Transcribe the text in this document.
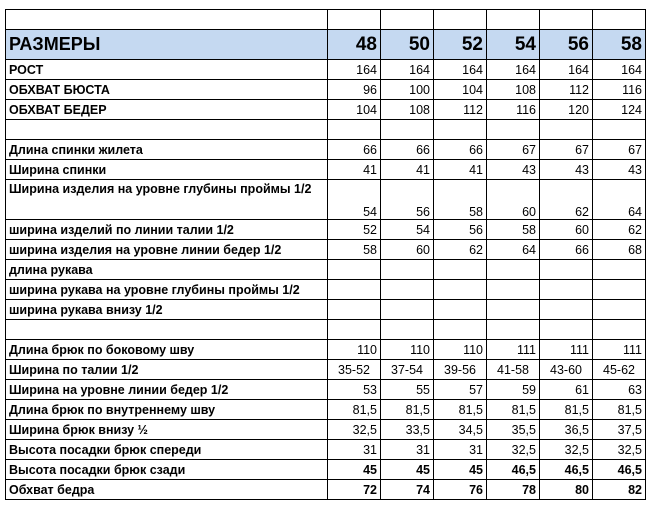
РАЗМЕРЫ	48	50	52	54	56	58
РОСТ	164	164	164	164	164	164
ОБХВАТ БЮСТА	96	100	104	108	112	116
ОБХВАТ БЕДЕР	104	108	112	116	120	124

Длина спинки жилета	66	66	66	67	67	67
Ширина спинки	41	41	41	43	43	43
Ширина изделия на уровне глубины проймы 1/2	54	56	58	60	62	64
ширина изделий по линии талии 1/2	52	54	56	58	60	62
ширина изделия на уровне линии бедер 1/2	58	60	62	64	66	68
длина рукава						
ширина рукава на уровне глубины проймы 1/2						
ширина рукава внизу 1/2						

Длина брюк по боковому шву	110	110	110	111	111	111
Ширина по талии 1/2	35-52	37-54	39-56	41-58	43-60	45-62
Ширина на уровне линии бедер 1/2	53	55	57	59	61	63
Длина брюк по внутреннему шву	81,5	81,5	81,5	81,5	81,5	81,5
Ширина брюк внизу ½	32,5	33,5	34,5	35,5	36,5	37,5
Высота посадки брюк спереди	31	31	31	32,5	32,5	32,5
Высота посадки брюк сзади	45	45	45	46,5	46,5	46,5
Обхват бедра	72	74	76	78	80	82
